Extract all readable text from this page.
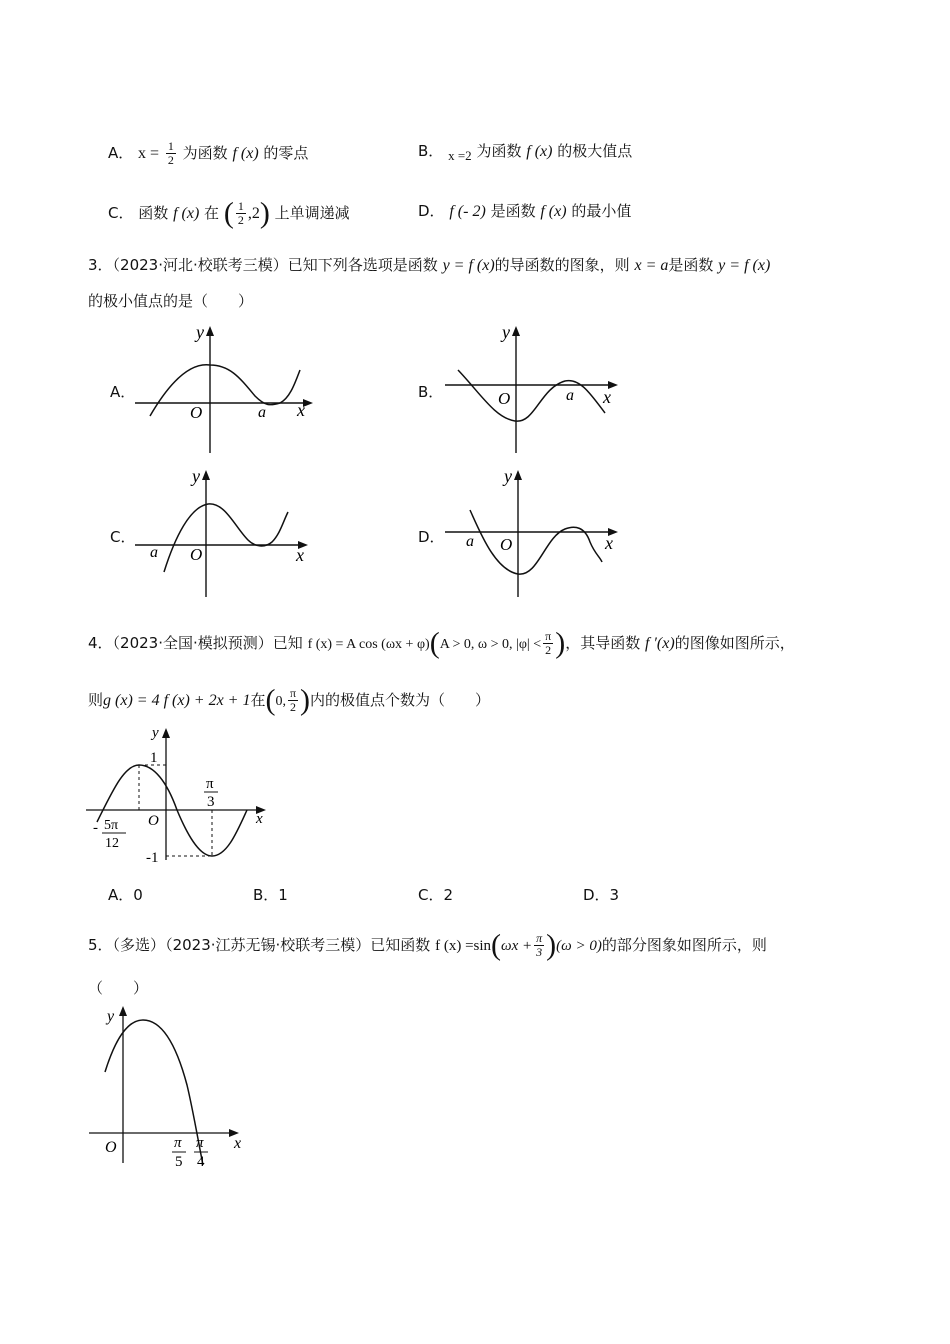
A． $x = \frac{1}{2}$ 为函数 f (x) 的零点	B． x =2 为函数 f (x) 的极大值点
C． 函数 f (x) 在 ( $\frac{1}{2} ,2$) 上单调递减	D． f (- 2) 是函数 f (x) 的最小值
3．（2023·河北·校联考三模）已知下列各选项是函数 y = f (x)的导函数的图象，则 x = a是函数 y = f (x)
的极小值点的是（　　）
A．	B．
C．	D．
y
x
O	a
y
x
O	a
y
x
O
a
y
x
O
a
4．（2023·全国·模拟预测）已知 f (x) = A cos (ωx + φ)(A > 0, ω > 0, $|\varphi| < \frac{\pi}{2}$ )，其导函数 f ′(x)的图像如图所示，
则g (x) = 4 f (x) + 2x + 1在(0, $\frac{\pi}{2}$ )内的极值点个数为（　　）
y
x
O
1
-1
π
3
- 5π
12
A．0	B．1	C．2	D．3
5．（多选）（2023·江苏无锡·校联考三模）已知函数 f $(x) =\sin(\omega x + \frac{\pi}{3} )(\omega > 0)$的部分图象如图所示，则
（　　）
y
x
O	π
5
π
4
